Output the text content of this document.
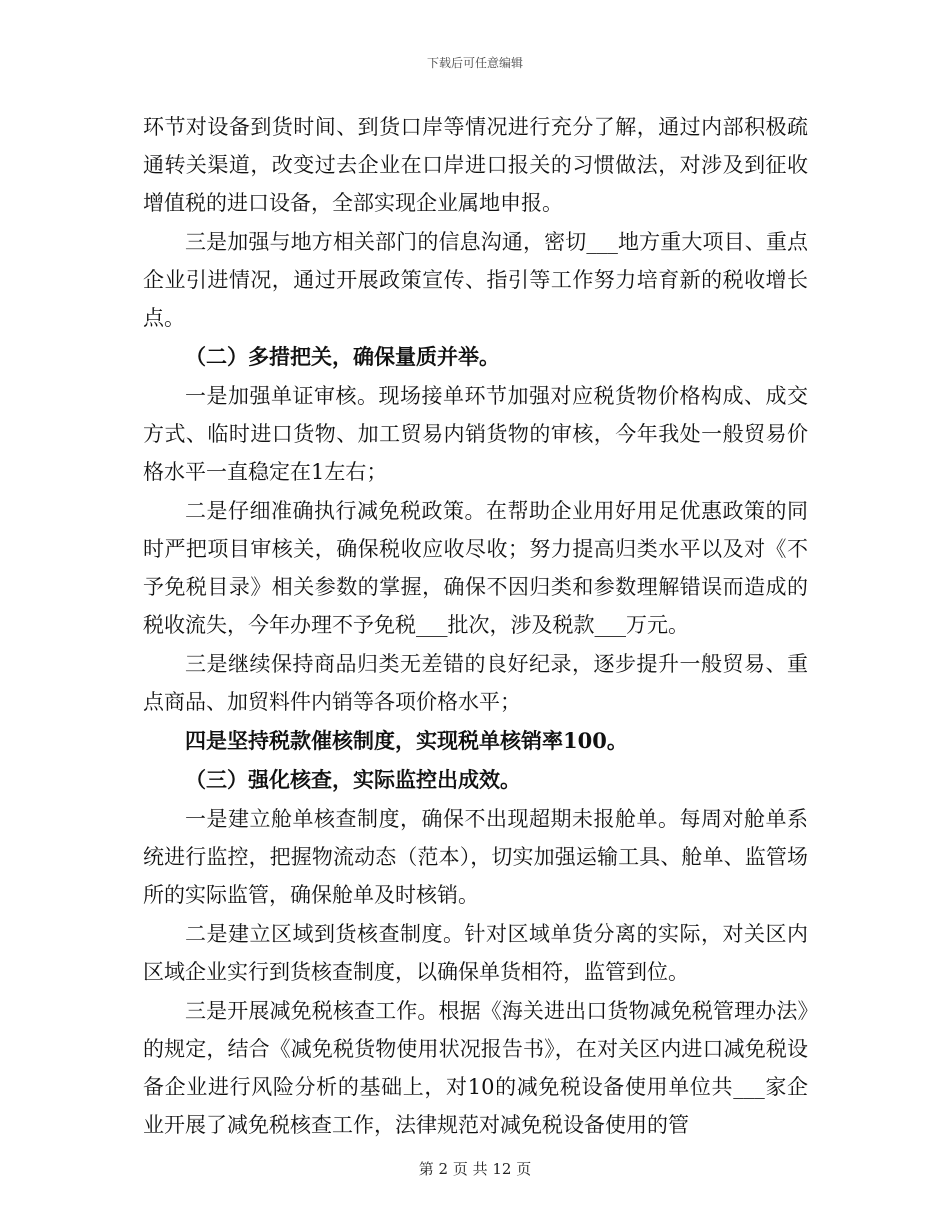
下载后可任意编辑

环节对设备到货时间、到货口岸等情况进行充分了解，通过内部积极疏通转关渠道，改变过去企业在口岸进口报关的习惯做法，对涉及到征收增值税的进口设备，全部实现企业属地申报。

三是加强与地方相关部门的信息沟通，密切___地方重大项目、重点企业引进情况，通过开展政策宣传、指引等工作努力培育新的税收增长点。

（二）多措把关，确保量质并举。

一是加强单证审核。现场接单环节加强对应税货物价格构成、成交方式、临时进口货物、加工贸易内销货物的审核，今年我处一般贸易价格水平一直稳定在1左右；

二是仔细准确执行减免税政策。在帮助企业用好用足优惠政策的同时严把项目审核关，确保税收应收尽收；努力提高归类水平以及对《不予免税目录》相关参数的掌握，确保不因归类和参数理解错误而造成的税收流失，今年办理不予免税___批次，涉及税款___万元。

三是继续保持商品归类无差错的良好纪录，逐步提升一般贸易、重点商品、加贸料件内销等各项价格水平；

四是坚持税款催核制度，实现税单核销率100。

（三）强化核查，实际监控出成效。

一是建立舱单核查制度，确保不出现超期未报舱单。每周对舱单系统进行监控，把握物流动态（范本），切实加强运输工具、舱单、监管场所的实际监管，确保舱单及时核销。

二是建立区域到货核查制度。针对区域单货分离的实际，对关区内区域企业实行到货核查制度，以确保单货相符，监管到位。

三是开展减免税核查工作。根据《海关进出口货物减免税管理办法》的规定，结合《减免税货物使用状况报告书》，在对关区内进口减免税设备企业进行风险分析的基础上，对10的减免税设备使用单位共___家企业开展了减免税核查工作，法律规范对减免税设备使用的管

第 2 页 共 12 页
